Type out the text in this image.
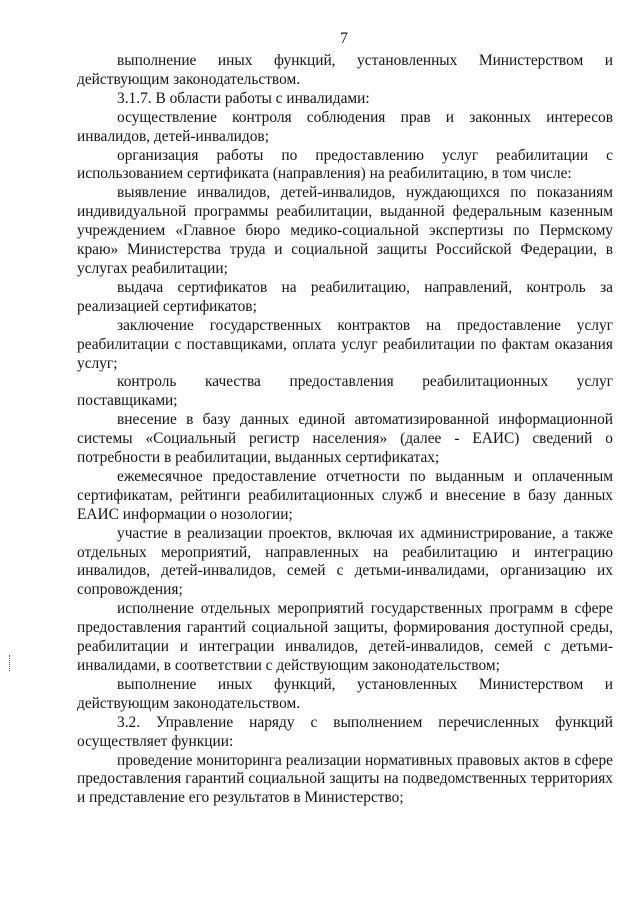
7

выполнение иных функций, установленных Министерством и действующим законодательством.

3.1.7. В области работы с инвалидами:

осуществление контроля соблюдения прав и законных интересов инвалидов, детей-инвалидов;

организация работы по предоставлению услуг реабилитации с использованием сертификата (направления) на реабилитацию, в том числе:

выявление инвалидов, детей-инвалидов, нуждающихся по показаниям индивидуальной программы реабилитации, выданной федеральным казенным учреждением «Главное бюро медико-социальной экспертизы по Пермскому краю» Министерства труда и социальной защиты Российской Федерации, в услугах реабилитации;

выдача сертификатов на реабилитацию, направлений, контроль за реализацией сертификатов;

заключение государственных контрактов на предоставление услуг реабилитации с поставщиками, оплата услуг реабилитации по фактам оказания услуг;

контроль качества предоставления реабилитационных услуг поставщиками;

внесение в базу данных единой автоматизированной информационной системы «Социальный регистр населения» (далее - ЕАИС) сведений о потребности в реабилитации, выданных сертификатах;

ежемесячное предоставление отчетности по выданным и оплаченным сертификатам, рейтинги реабилитационных служб и внесение в базу данных ЕАИС информации о нозологии;

участие в реализации проектов, включая их администрирование, а также отдельных мероприятий, направленных на реабилитацию и интеграцию инвалидов, детей-инвалидов, семей с детьми-инвалидами, организацию их сопровождения;

исполнение отдельных мероприятий государственных программ в сфере предоставления гарантий социальной защиты, формирования доступной среды, реабилитации и интеграции инвалидов, детей-инвалидов, семей с детьми-инвалидами, в соответствии с действующим законодательством;

выполнение иных функций, установленных Министерством и действующим законодательством.

3.2. Управление наряду с выполнением перечисленных функций осуществляет функции:

проведение мониторинга реализации нормативных правовых актов в сфере предоставления гарантий социальной защиты на подведомственных территориях и представление его результатов в Министерство;
